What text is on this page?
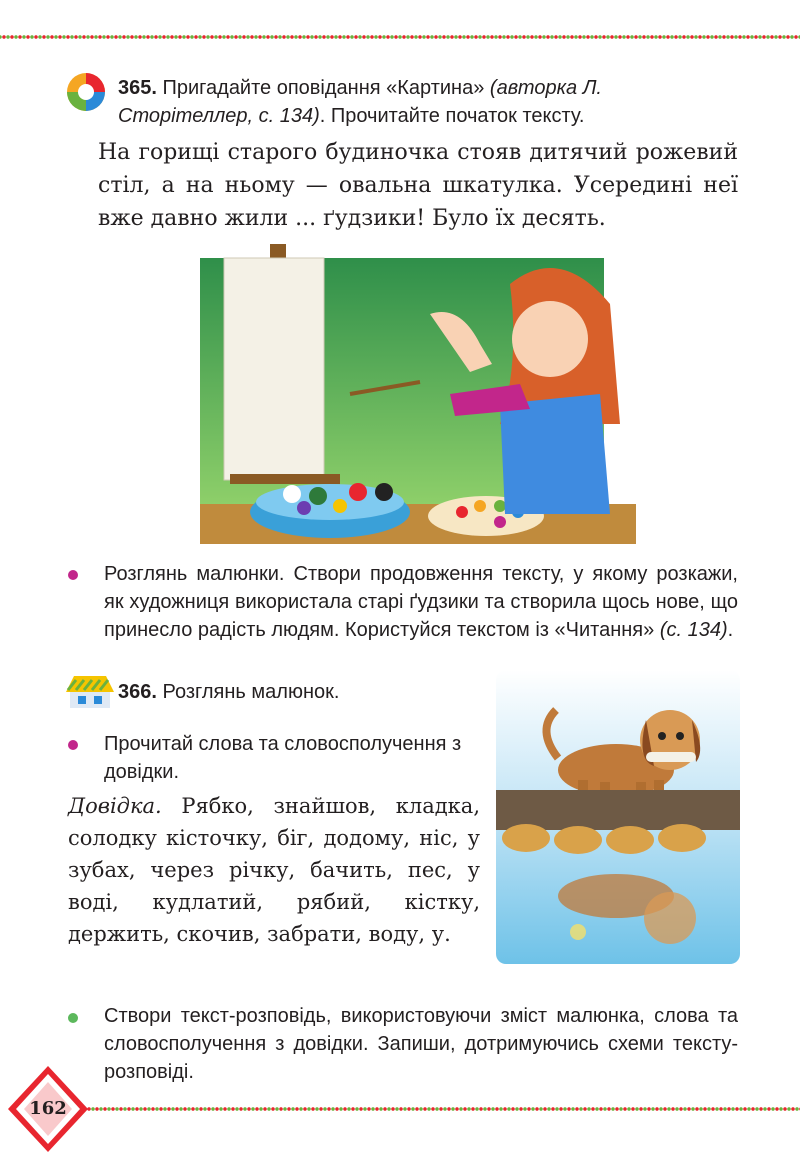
365. Пригадайте оповідання «Картина» (авторка Л. Сторітеллер, с. 134). Прочитайте початок тексту.
На горищі старого будиночка стояв дитячий рожевий стіл, а на ньому — овальна шкатулка. Усередині неї вже давно жили ... ґудзики! Було їх десять.
Розглянь малюнки. Створи продовження тексту, у якому розкажи, як художниця використала старі ґудзики та створила щось нове, що принесло радість людям. Користуйся текстом із «Читання» (с. 134).
366. Розглянь малюнок.
Прочитай слова та словосполучення з довідки.
Довідка. Рябко, знайшов, кладка, солодку кісточку, біг, додому, ніс, у зубах, через річку, бачить, пес, у воді, кудлатий, рябий, кістку, держить, скочив, забрати, воду, у.
Створи текст-розповідь, використовуючи зміст малюнка, слова та словосполучення з довідки. Запиши, дотримуючись схеми тексту-розповіді.
162
